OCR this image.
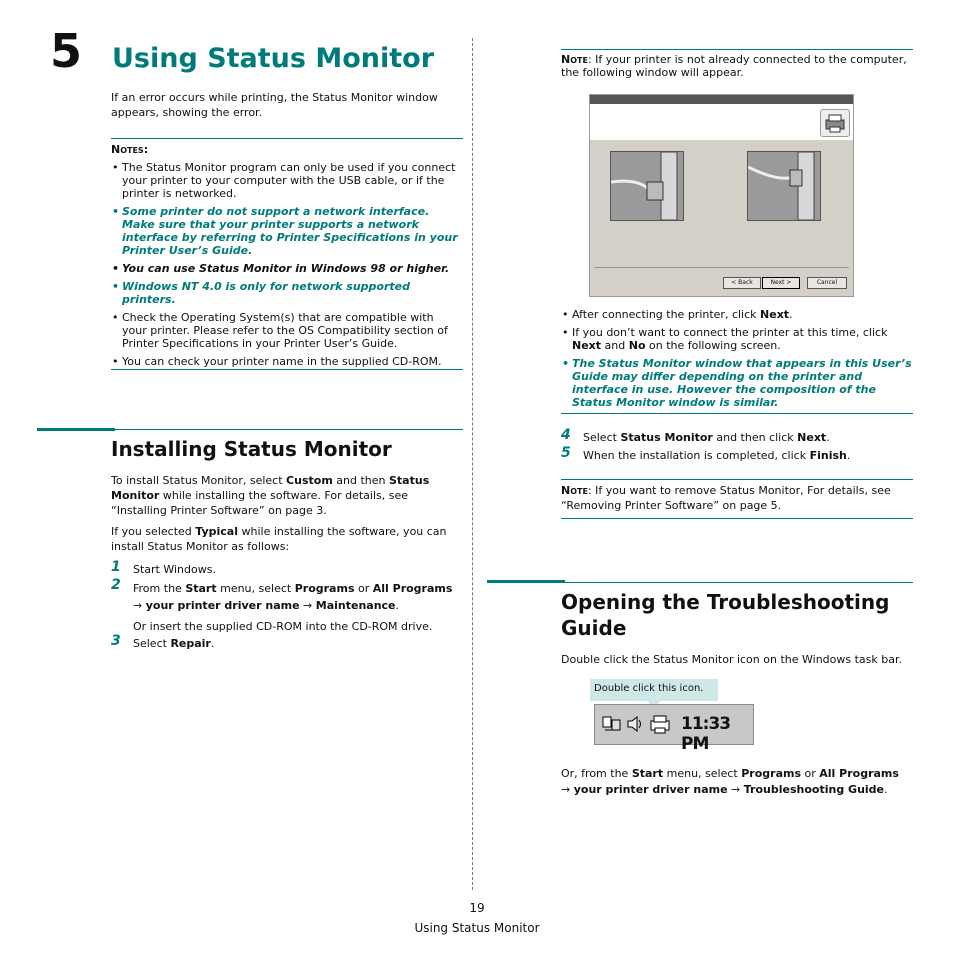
5 Using Status Monitor
If an error occurs while printing, the Status Monitor window appears, showing the error.
Notes:
• The Status Monitor program can only be used if you connect your printer to your computer with the USB cable, or if the printer is networked.
• Some printer do not support a network interface. Make sure that your printer supports a network interface by referring to Printer Specifications in your Printer User’s Guide.
• You can use Status Monitor in Windows 98 or higher.
• Windows NT 4.0 is only for network supported printers.
• Check the Operating System(s) that are compatible with your printer. Please refer to the OS Compatibility section of Printer Specifications in your Printer User’s Guide.
• You can check your printer name in the supplied CD-ROM.
Installing Status Monitor
To install Status Monitor, select Custom and then Status Monitor while installing the software. For details, see “Installing Printer Software” on page 3.
If you selected Typical while installing the software, you can install Status Monitor as follows:
1	Start Windows.
2	From the Start menu, select Programs or All Programs
→ your printer driver name → Maintenance.
Or insert the supplied CD-ROM into the CD-ROM drive.
3	Select Repair.
Note: If your printer is not already connected to the computer, the following window will appear.
< Back	Next >	Cancel
• After connecting the printer, click Next.
• If you don’t want to connect the printer at this time, click Next and No on the following screen.
• The Status Monitor window that appears in this User’s Guide may differ depending on the printer and interface in use. However the composition of the Status Monitor window is similar.
4	Select Status Monitor and then click Next.
5	When the installation is completed, click Finish.
Note: If you want to remove Status Monitor, For details, see “Removing Printer Software” on page 5.
Opening the Troubleshooting Guide
Double click the Status Monitor icon on the Windows task bar.
Double click this icon.
11:33 PM
Or, from the Start menu, select Programs or All Programs
→ your printer driver name → Troubleshooting Guide.
19
Using Status Monitor
